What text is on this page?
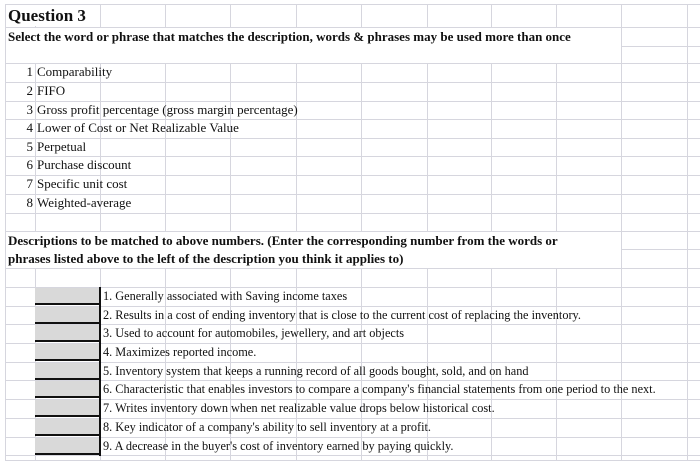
Question 3
Select the word or phrase that matches the description, words & phrases may be used more than once
Descriptions to be matched to above numbers. (Enter the corresponding number from the words or
phrases listed above to the left of the description you think it applies to)
1 Comparability
2 FIFO
3 Gross profit percentage (gross margin percentage)
4 Lower of Cost or Net Realizable Value
5 Perpetual
6 Purchase discount
7 Specific unit cost
8 Weighted-average
1. Generally associated with Saving income taxes
2. Results in a cost of ending inventory that is close to the current cost of replacing the inventory.
3. Used to account for automobiles, jewellery, and art objects
4. Maximizes reported income.
5. Inventory system that keeps a running record of all goods bought, sold, and on hand
6. Characteristic that enables investors to compare a company's financial statements from one period to the next.
7. Writes inventory down when net realizable value drops below historical cost.
8. Key indicator of a company's ability to sell inventory at a profit.
9. A decrease in the buyer's cost of inventory earned by paying quickly.
